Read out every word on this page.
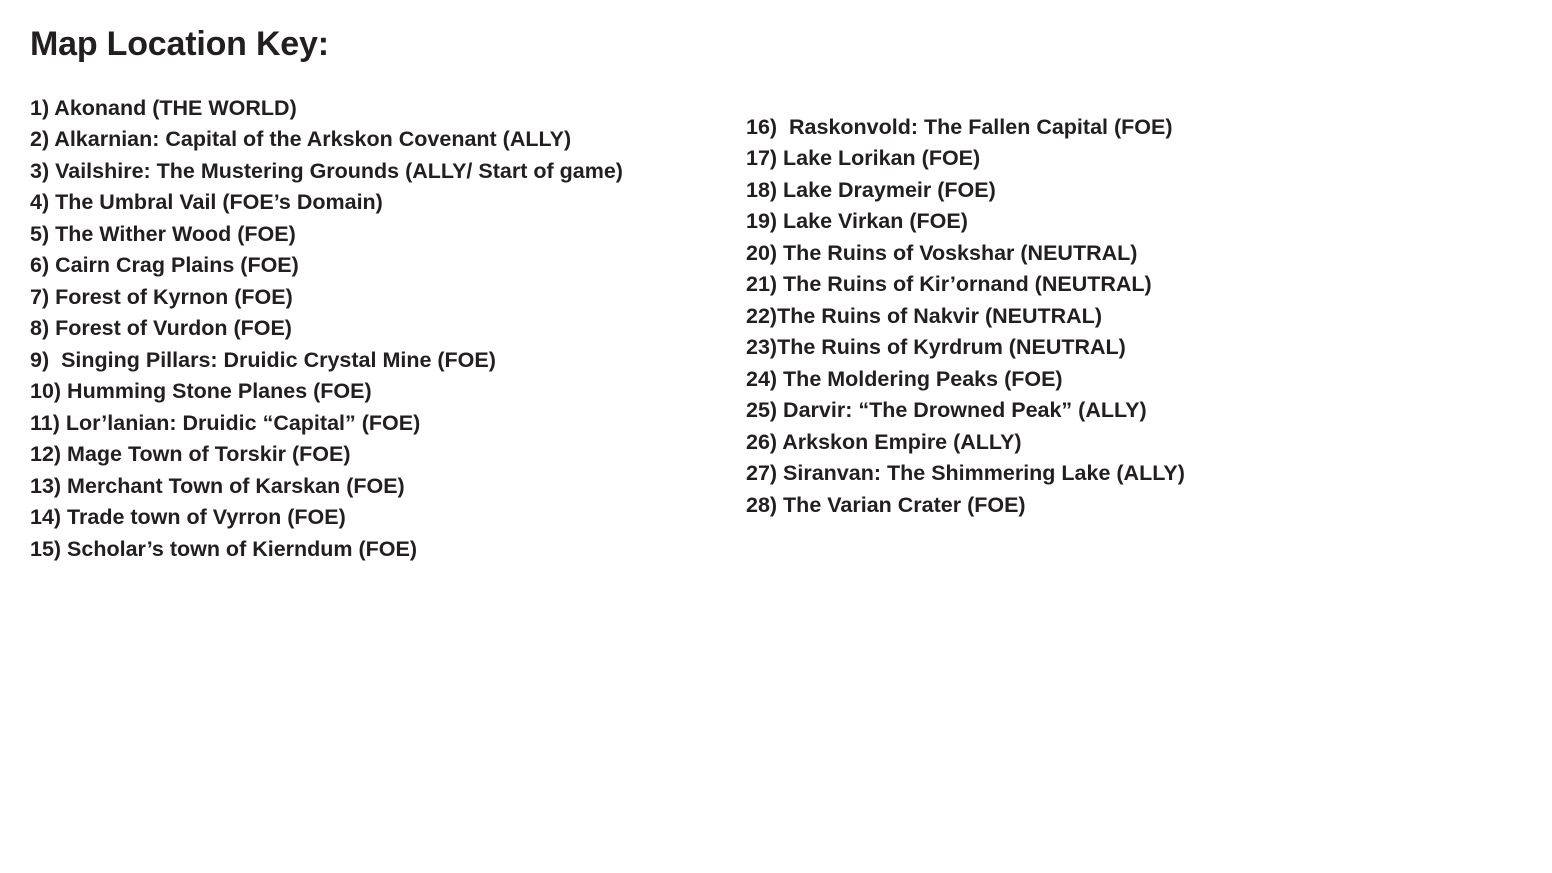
Map Location Key:
1) Akonand (THE WORLD)
2) Alkarnian: Capital of the Arkskon Covenant (ALLY)
3) Vailshire: The Mustering Grounds (ALLY/ Start of game)
4) The Umbral Vail (FOE’s Domain)
5) The Wither Wood (FOE)
6) Cairn Crag Plains (FOE)
7) Forest of Kyrnon (FOE)
8) Forest of Vurdon (FOE)
9)  Singing Pillars: Druidic Crystal Mine (FOE)
10) Humming Stone Planes (FOE)
11) Lor’lanian: Druidic “Capital” (FOE)
12) Mage Town of Torskir (FOE)
13) Merchant Town of Karskan (FOE)
14) Trade town of Vyrron (FOE)
15) Scholar’s town of Kierndum (FOE)
16)  Raskonvold: The Fallen Capital (FOE)
17) Lake Lorikan (FOE)
18) Lake Draymeir (FOE)
19) Lake Virkan (FOE)
20) The Ruins of Voskshar (NEUTRAL)
21) The Ruins of Kir’ornand (NEUTRAL)
22)The Ruins of Nakvir (NEUTRAL)
23)The Ruins of Kyrdrum (NEUTRAL)
24) The Moldering Peaks (FOE)
25) Darvir: “The Drowned Peak” (ALLY)
26) Arkskon Empire (ALLY)
27) Siranvan: The Shimmering Lake (ALLY)
28) The Varian Crater (FOE)
